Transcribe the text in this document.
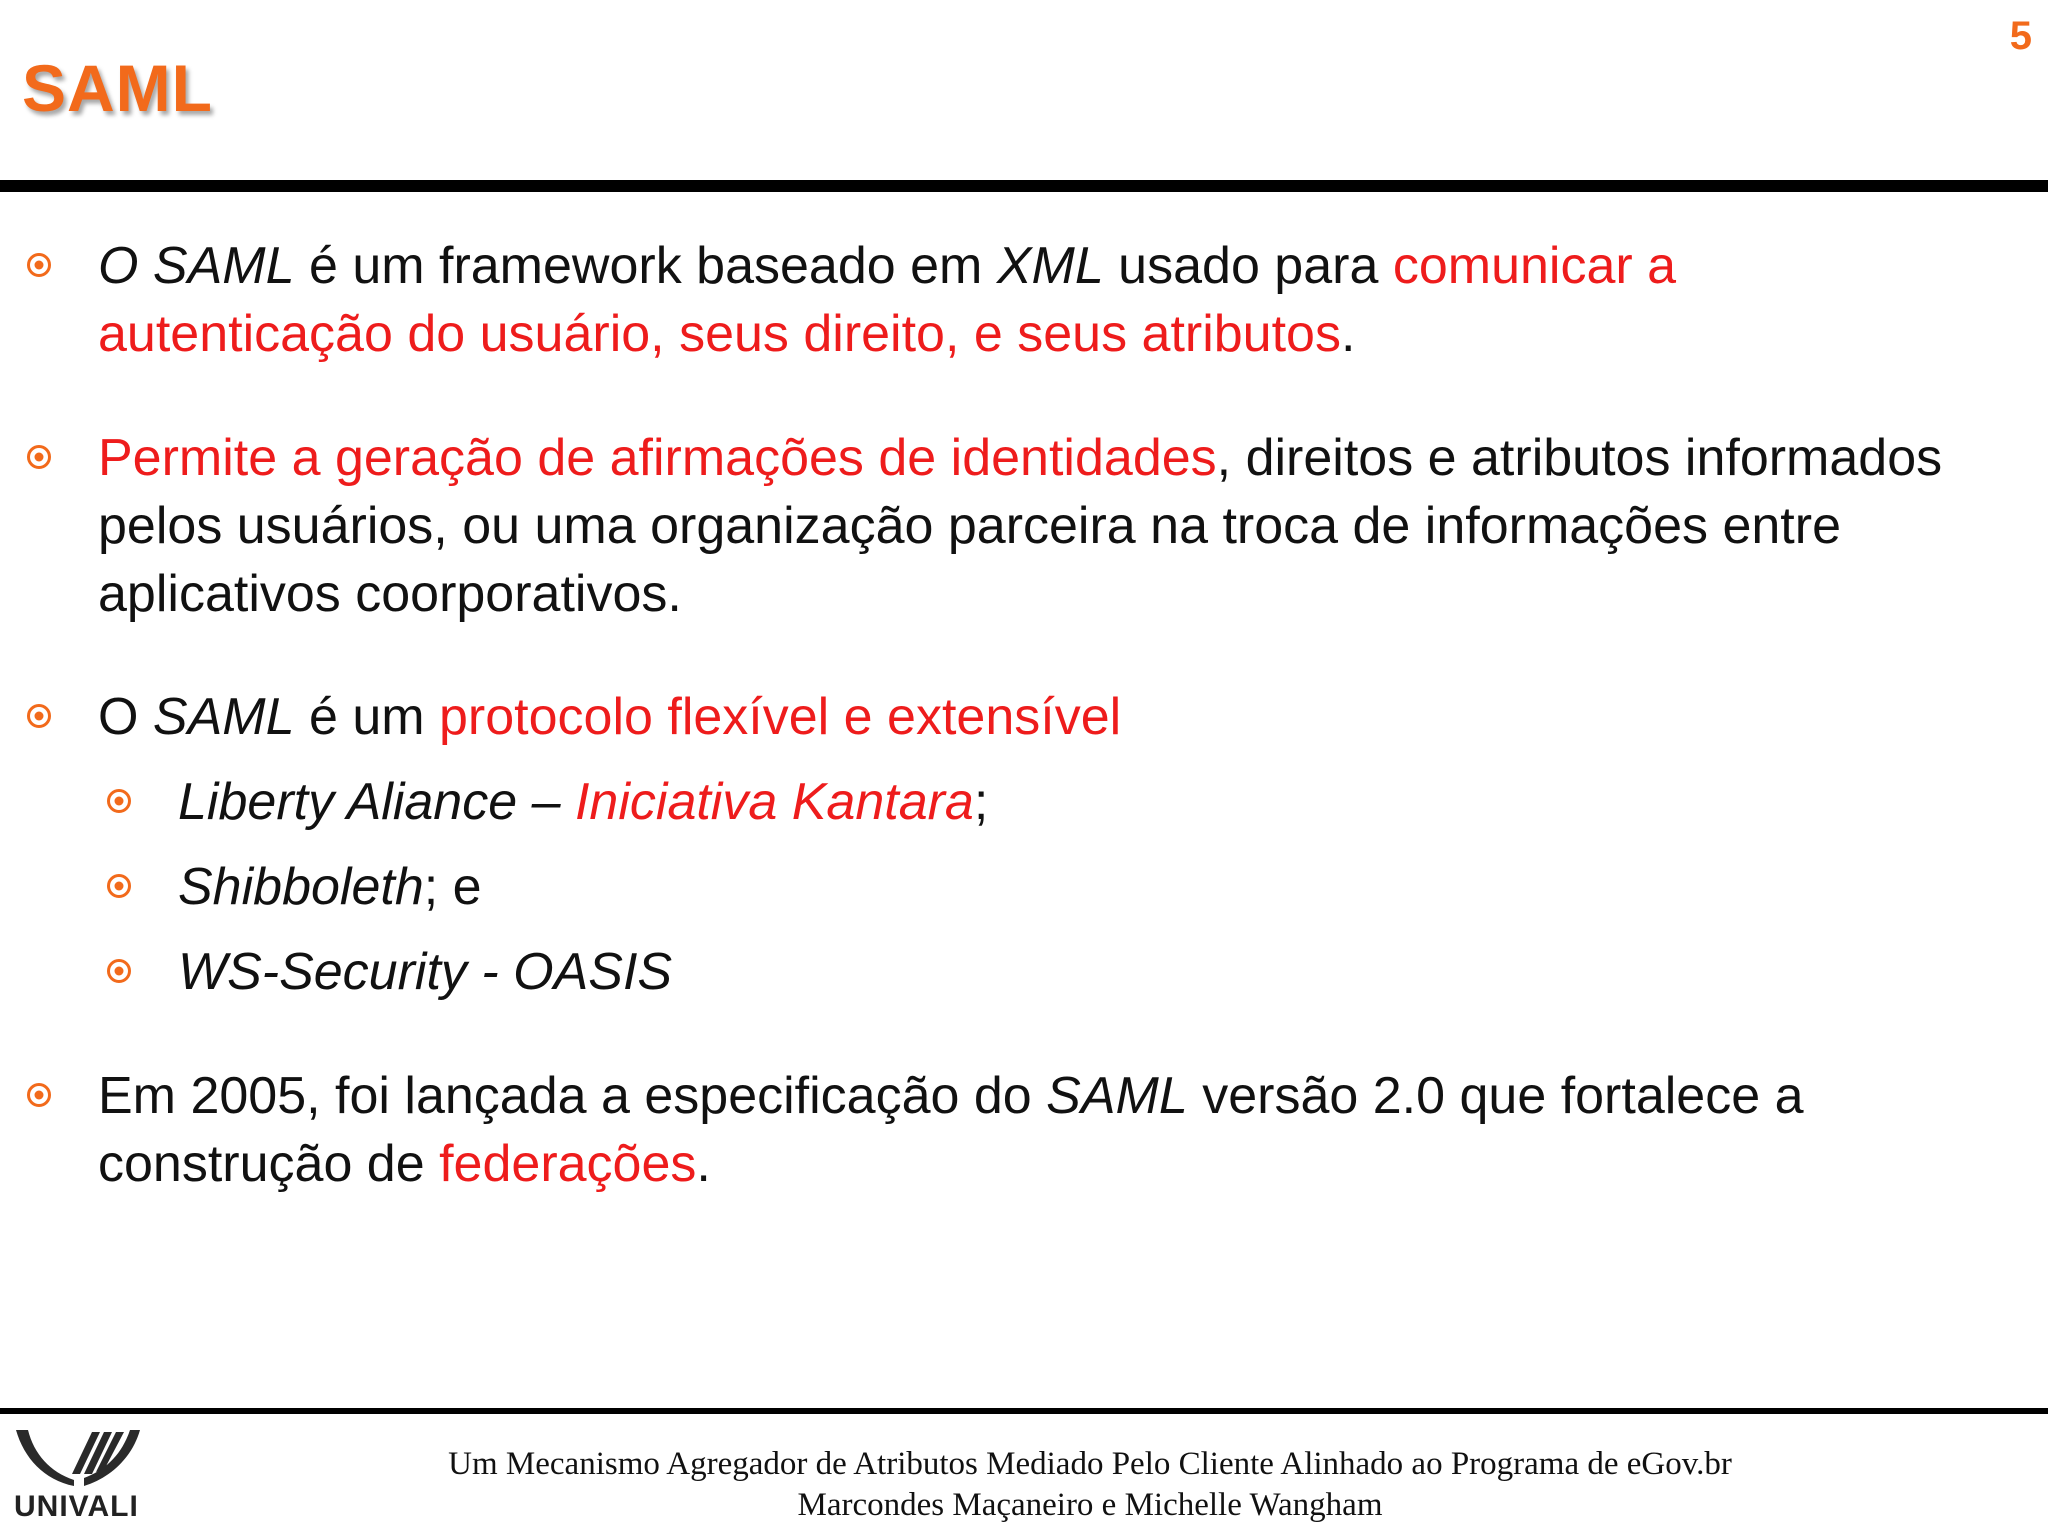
5
SAML
O SAML é um framework baseado em XML usado para comunicar a autenticação do usuário, seus direito, e seus atributos.
Permite a geração de afirmações de identidades, direitos e atributos informados pelos usuários, ou uma organização parceira na troca de informações entre aplicativos coorporativos.
O SAML é um protocolo flexível e extensível
Liberty Aliance – Iniciativa Kantara;
Shibboleth; e
WS-Security - OASIS
Em 2005, foi lançada a especificação do SAML versão 2.0 que fortalece a construção de federações.
UNIVALI
Um Mecanismo Agregador de Atributos Mediado Pelo Cliente Alinhado ao Programa de eGov.br
Marcondes Maçaneiro e Michelle Wangham
